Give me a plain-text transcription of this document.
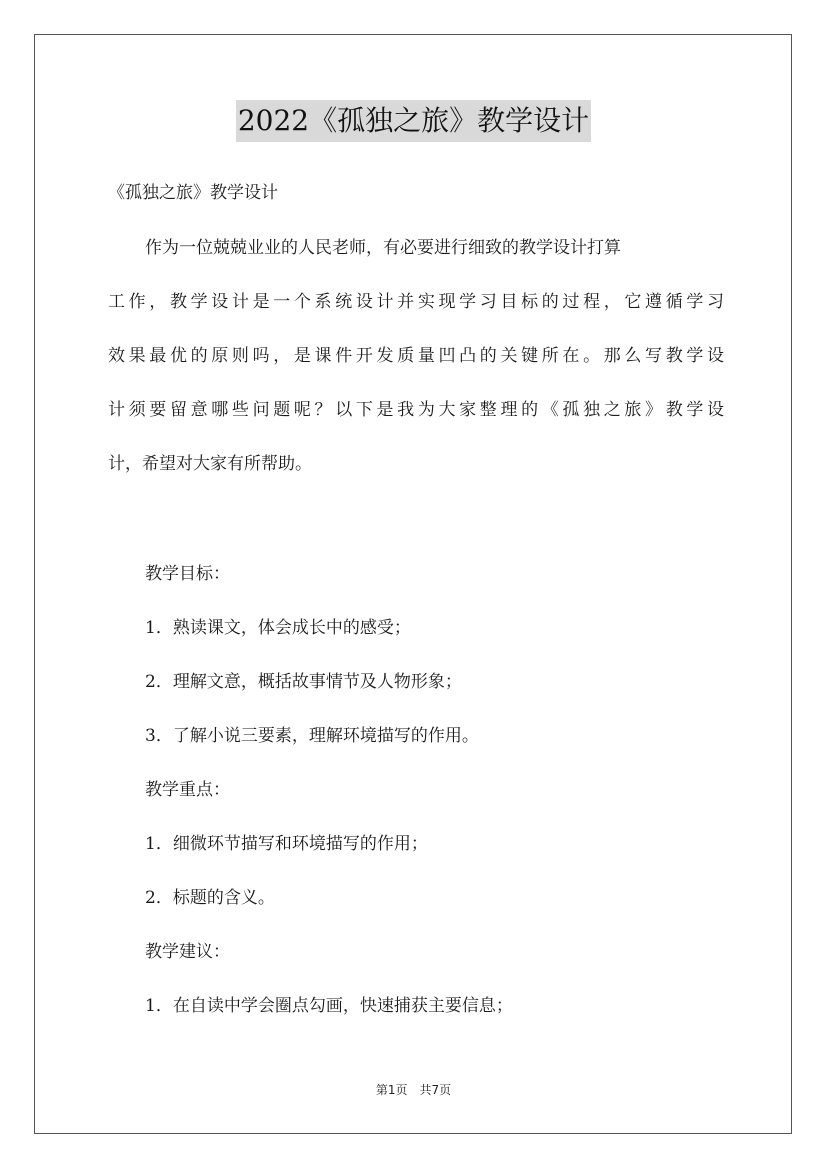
2022《孤独之旅》教学设计
《孤独之旅》教学设计
作为一位兢兢业业的人民老师，有必要进行细致的教学设计打算
工作，教学设计是一个系统设计并实现学习目标的过程，它遵循学习
效果最优的原则吗，是课件开发质量凹凸的关键所在。那么写教学设
计须要留意哪些问题呢？以下是我为大家整理的《孤独之旅》教学设
计，希望对大家有所帮助。
教学目标：
1．熟读课文，体会成长中的感受；
2．理解文意，概括故事情节及人物形象；
3．了解小说三要素，理解环境描写的作用。
教学重点：
1．细微环节描写和环境描写的作用；
2．标题的含义。
教学建议：
1．在自读中学会圈点勾画，快速捕获主要信息；
第1页　共7页
